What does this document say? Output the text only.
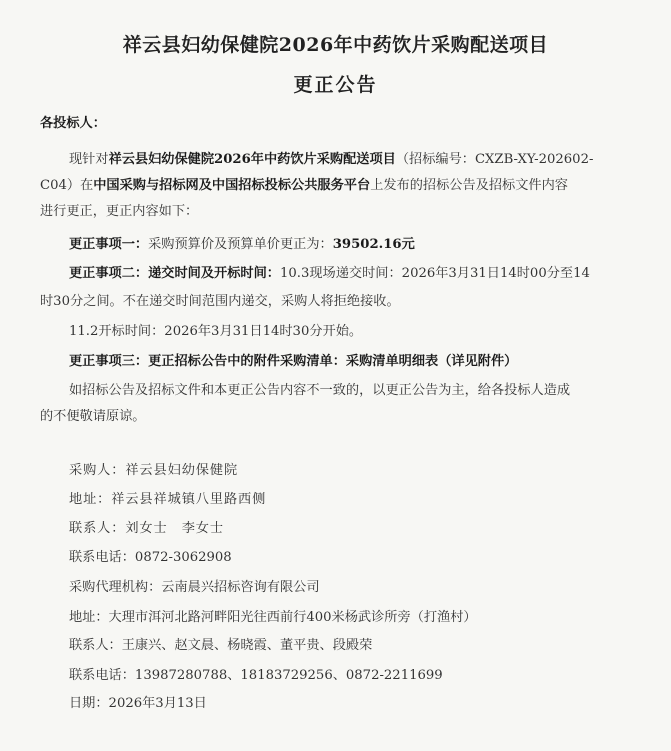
祥云县妇幼保健院2026年中药饮片采购配送项目
更正公告
各投标人：
现针对祥云县妇幼保健院2026年中药饮片采购配送项目（招标编号：CXZB-XY-202602-
C04）在中国采购与招标网及中国招标投标公共服务平台上发布的招标公告及招标文件内容
进行更正，更正内容如下：
更正事项一：采购预算价及预算单价更正为：39502.16元
更正事项二：递交时间及开标时间：10.3现场递交时间：2026年3月31日14时00分至14
时30分之间。不在递交时间范围内递交，采购人将拒绝接收。
11.2开标时间：2026年3月31日14时30分开始。
更正事项三：更正招标公告中的附件采购清单：采购清单明细表（详见附件）
如招标公告及招标文件和本更正公告内容不一致的，以更正公告为主，给各投标人造成
的不便敬请原谅。
采购人：祥云县妇幼保健院
地址：祥云县祥城镇八里路西侧
联系人：刘女士　李女士
联系电话：0872-3062908
采购代理机构：云南晨兴招标咨询有限公司
地址：大理市洱河北路河畔阳光往西前行400米杨武诊所旁（打渔村）
联系人：王康兴、赵文晨、杨晓霞、董平贵、段殿荣
联系电话：13987280788、18183729256、0872-2211699
日期：2026年3月13日
